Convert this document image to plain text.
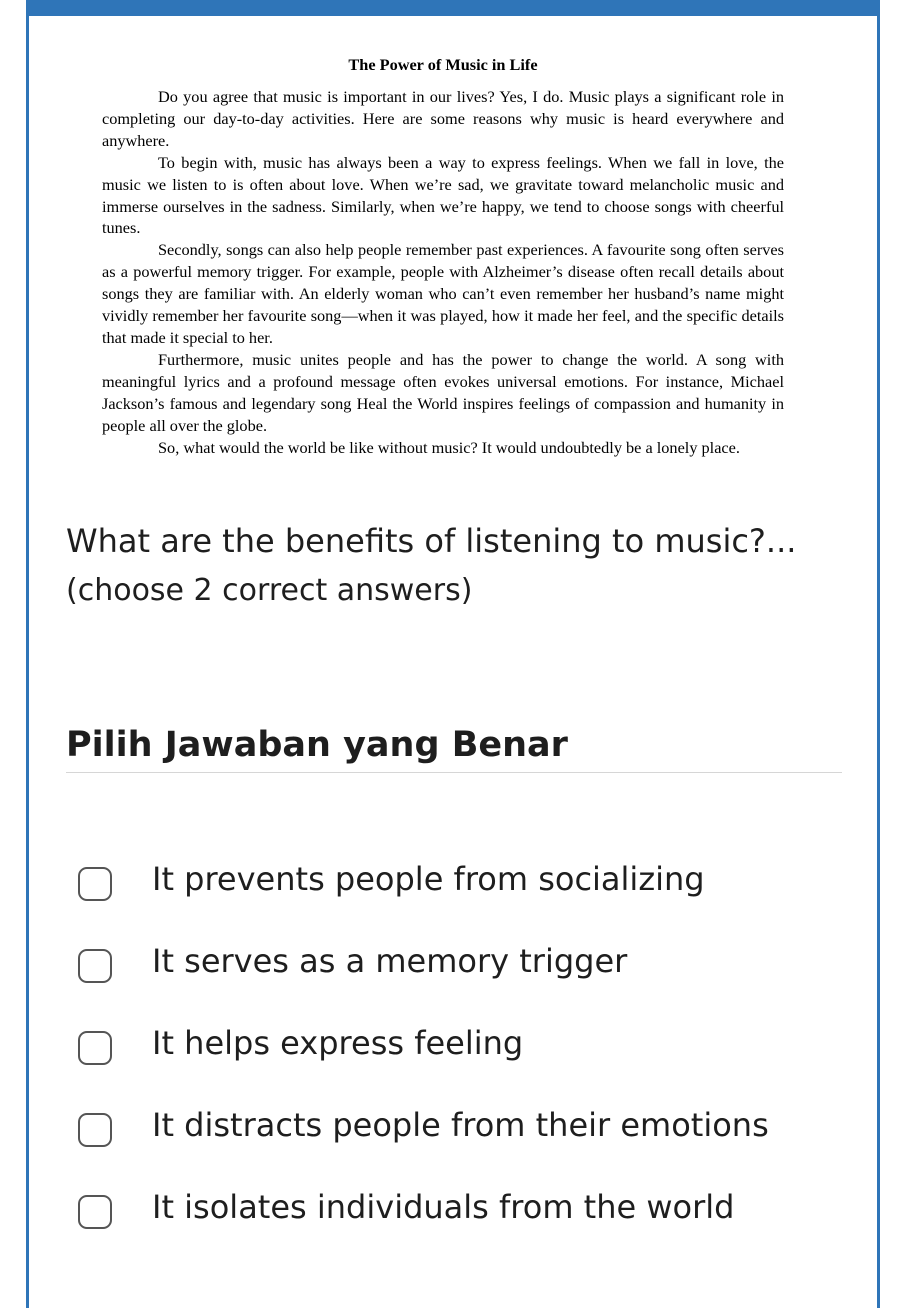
The Power of Music in Life

Do you agree that music is important in our lives? Yes, I do. Music plays a significant role in completing our day-to-day activities. Here are some reasons why music is heard everywhere and anywhere.

To begin with, music has always been a way to express feelings. When we fall in love, the music we listen to is often about love. When we’re sad, we gravitate toward melancholic music and immerse ourselves in the sadness. Similarly, when we’re happy, we tend to choose songs with cheerful tunes.

Secondly, songs can also help people remember past experiences. A favourite song often serves as a powerful memory trigger. For example, people with Alzheimer’s disease often recall details about songs they are familiar with. An elderly woman who can’t even remember her husband’s name might vividly remember her favourite song—when it was played, how it made her feel, and the specific details that made it special to her.

Furthermore, music unites people and has the power to change the world. A song with meaningful lyrics and a profound message often evokes universal emotions. For instance, Michael Jackson’s famous and legendary song Heal the World inspires feelings of compassion and humanity in people all over the globe.

So, what would the world be like without music? It would undoubtedly be a lonely place.

What are the benefits of listening to music?...

(choose 2 correct answers)

Pilih Jawaban yang Benar
It prevents people from socializing
It serves as a memory trigger
It helps express feeling
It distracts people from their emotions
It isolates individuals from the world
